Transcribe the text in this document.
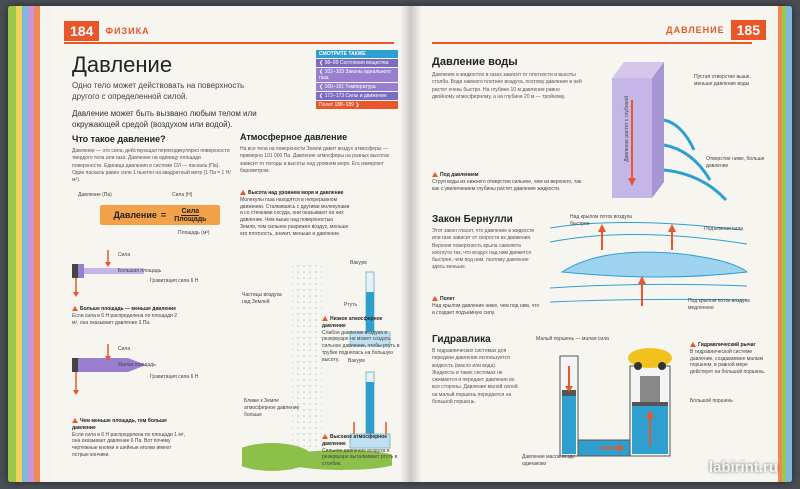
184	ФИЗИКА
Давление
Одно тело может действовать на поверхность другого с определенной силой.
Давление может быть вызвано любым телом или окружающей средой (воздухом или водой).
СМОТРИТЕ ТАКЖЕ
❮ 98–99 Состояния вещества
❮ 102–103 Законы идеального газа
❮ 160–161 Температура
❮ 172–173 Силы и движение
Полет 188–189 ❯
Что такое давление?
Давление — это сила, действующая перпендикулярно поверхности твердого тела или газа. Давление на единицу площади поверхности. Единица давления в системе СИ — паскаль (Па). Один паскаль равен силе 1 ньютон на квадратный метр (1 Па = 1 Н/м²).
Давление (Па)	Сила (Н)
Давление = $\frac{\text{Сила}}{\text{Площадь}}$
Площадь (м²)
Сила
Большая площадь
Гравитация сила 6 Н
Больше площадь — меньше давление
Если сила в 6 Н распределена по площади 2 м², она оказывает давление 3 Па.
Сила
Малая площадь
Гравитация сила 6 Н
Чем меньше площадь, тем больше давление
Если сила в 6 Н распределена по площади 1 м², она оказывает давление 6 Па. Вот почему чертежные кнопки и шейные иголки имеют острые кончики.
Атмосферное давление
На все тела на поверхности Земли давит воздух атмосферы — примерно 101 000 Па. Давление атмосферы на разных высотах зависит от погоды и высоты над уровнем моря. Его измеряют барометром.
Высота над уровнем моря и давление
Молекулы газа находятся в непрерывном движении. Сталкиваясь с другими молекулами и со стенками сосуда, они оказывают на них давление. Чем выше над поверхностью Земли, тем сильнее разрежен воздух, меньше его плотность, значит, меньше и давление.
Частицы воздуха над Землей
Вакуум
Ртуть
Низкое атмосферное давление
Слабое давление воздуха в резервуаре не может создать сильное давление, чтобы ртуть в трубке поднялась на большую высоту.	Вакуум
Ближе к Земле атмосферное давление больше
Высокое атмосферное давление
Сильное давление воздуха в резервуаре выталкивает ртуть в столбик.
ДАВЛЕНИЕ 185
Давление воды
Давление в жидкостях и газах зависит от плотности и высоты столба. Вода намного плотнее воздуха, поэтому давление в ней растет очень быстро. На глубине 10 м давление равно двойному атмосферному, а на глубине 20 м — тройному.
Под давлением
Струя воды из нижнего отверстия сильнее, чем из верхнего, так как с увеличением глубины растет давление жидкости.
Давление растет с глубиной
Пустая отверстие выше, меньше давление воды
Отверстие ниже, больше давление
Закон Бернулли
Этот закон гласит, что давление в жидкости или газе зависит от скорости их движения. Верхняя поверхность крыла самолета изогнута так, что воздух над ним движется быстрее, чем под ним, поэтому давление здесь меньше.
Полет
Над крылом давление ниже, чем под ним, что и создает подъемную силу.
Над крылом поток воздуха быстрее
Подъемная сила
Под крылом поток воздуха медленнее
Гидравлика
В гидравлических системах для передачи давления используется жидкость (масло или вода). Жидкость в таких системах не сжимается и передает давление во все стороны. Давление малой силой на малый поршень передается на большой поршень.
Малый поршень — малая сила
Давление масла везде одинаково
Большой поршень
Гидравлический рычаг
В гидравлической системе давление, создаваемое малым поршнем, в равной мере действует на большой поршень.
labirint.ru
